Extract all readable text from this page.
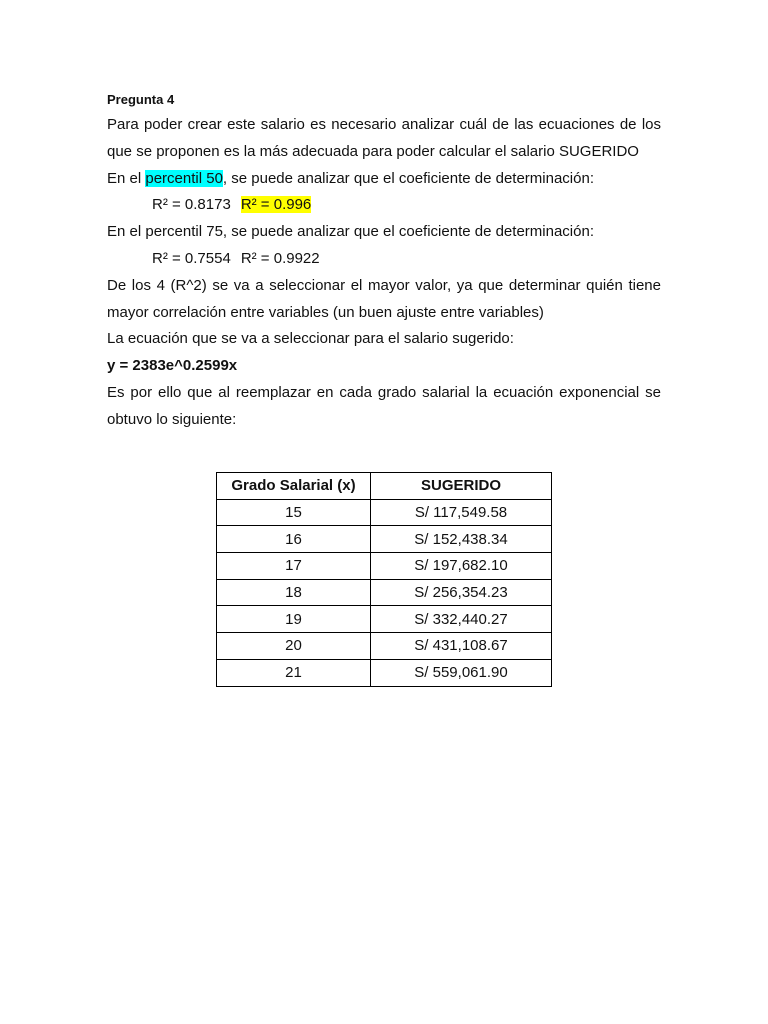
Pregunta 4

Para poder crear este salario es necesario analizar cuál de las ecuaciones de los que se proponen es la más adecuada para poder calcular el salario SUGERIDO

En el percentil 50, se puede analizar que el coeficiente de determinación:

R² = 0.8173 R² = 0.996

En el percentil 75, se puede analizar que el coeficiente de determinación:

R² = 0.7554 R² = 0.9922

De los 4 (R^2) se va a seleccionar el mayor valor, ya que determinar quién tiene mayor correlación entre variables (un buen ajuste entre variables)

La ecuación que se va a seleccionar para el salario sugerido:

y = 2383e^0.2599x

Es por ello que al reemplazar en cada grado salarial la ecuación exponencial se obtuvo lo siguiente:

Grado Salarial (x)	SUGERIDO
15	S/ 117,549.58
16	S/ 152,438.34
17	S/ 197,682.10
18	S/ 256,354.23
19	S/ 332,440.27
20	S/ 431,108.67
21	S/ 559,061.90
